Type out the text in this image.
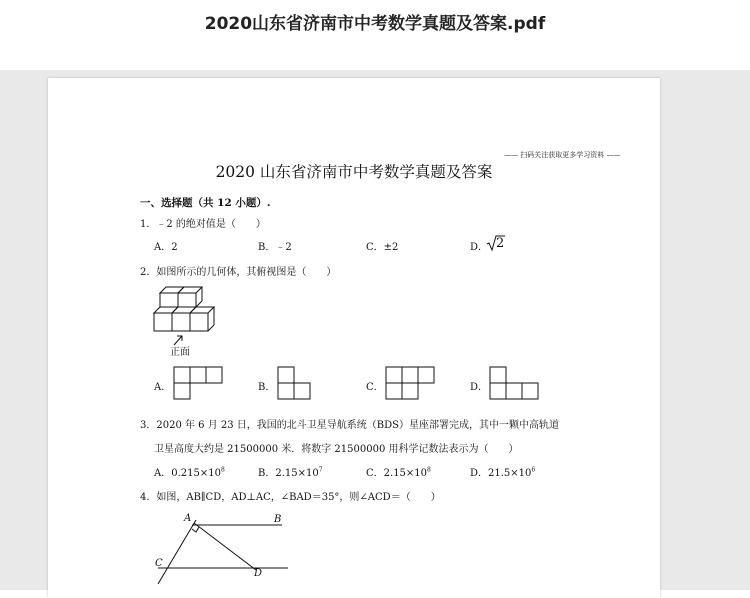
2020山东省济南市中考数学真题及答案.pdf
—— 扫码关注获取更多学习资料 ——
2020 山东省济南市中考数学真题及答案
一、选择题（共 12 小题）.
1．﹣2 的绝对值是（　　）
A．2	B．﹣2	C．±2	D． 2
2．如图所示的几何体，其俯视图是（　　）
正面
A．	B．	C．	D．
3．2020 年 6 月 23 日，我国的北斗卫星导航系统（BDS）星座部署完成，其中一颗中高轨道
卫星高度大约是 21500000 米．将数字 21500000 用科学记数法表示为（　　）
A．$0.215\times 10^8$	B．$2.15\times 10^7$	C．$2.15\times 10^8$	D．$21.5\times 10^6$
4．如图，AB∥CD，AD⊥AC，∠BAD＝35°，则∠ACD＝（　　）
A	B
C
D
